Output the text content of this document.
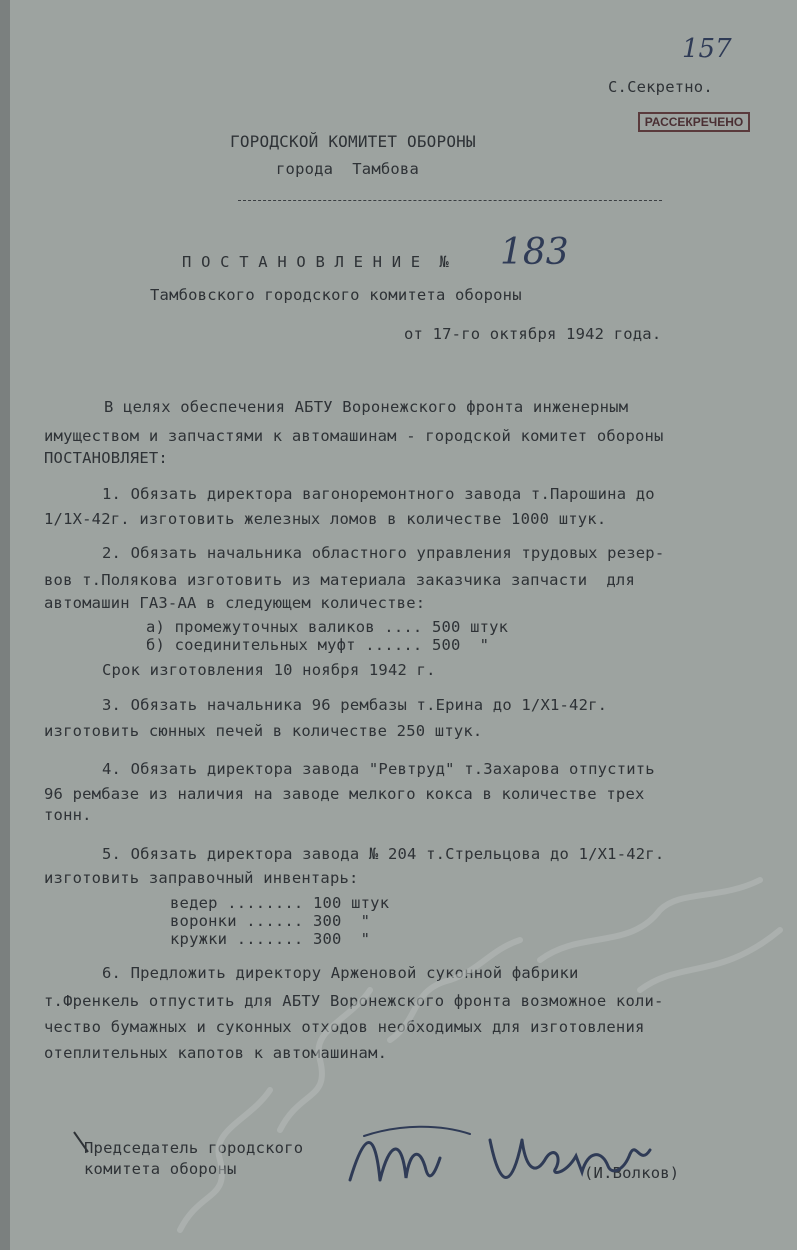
157
С.Секретно.
РАССЕКРЕЧЕНО
ГОРОДСКОЙ КОМИТЕТ ОБОРОНЫ
города  Тамбова
П О С Т А Н О В Л Е Н И Е  № 183
Тамбовского городского комитета обороны
от 17-го октября 1942 года.
В целях обеспечения АБТУ Воронежского фронта инженерным
имуществом и запчастями к автомашинам - городской комитет обороны
ПОСТАНОВЛЯЕТ:
1. Обязать директора вагоноремонтного завода т.Парошина до
1/1Х-42г. изготовить железных ломов в количестве 1000 штук.
2. Обязать начальника областного управления трудовых резер-
вов т.Полякова изготовить из материала заказчика запчасти  для
автомашин ГАЗ-АА в следующем количестве:
а) промежуточных валиков .... 500 штук
б) соединительных муфт ...... 500  "
Срок изготовления 10 ноября 1942 г.
3. Обязать начальника 96 рембазы т.Ерина до 1/Х1-42г.
изготовить сюнных печей в количестве 250 штук.
4. Обязать директора завода "Ревтруд" т.Захарова отпустить
96 рембазе из наличия на заводе мелкого кокса в количестве трех
тонн.
5. Обязать директора завода № 204 т.Стрельцова до 1/Х1-42г.
изготовить заправочный инвентарь:
ведер ........ 100 штук
воронки ...... 300  "
кружки ....... 300  "
6. Предложить директору Арженовой суконной фабрики
т.Френкель отпустить для АБТУ Воронежского фронта возможное коли-
чество бумажных и суконных отходов необходимых для изготовления
отеплительных капотов к автомашинам.
Председатель городского
комитета обороны	(И.Волков)
